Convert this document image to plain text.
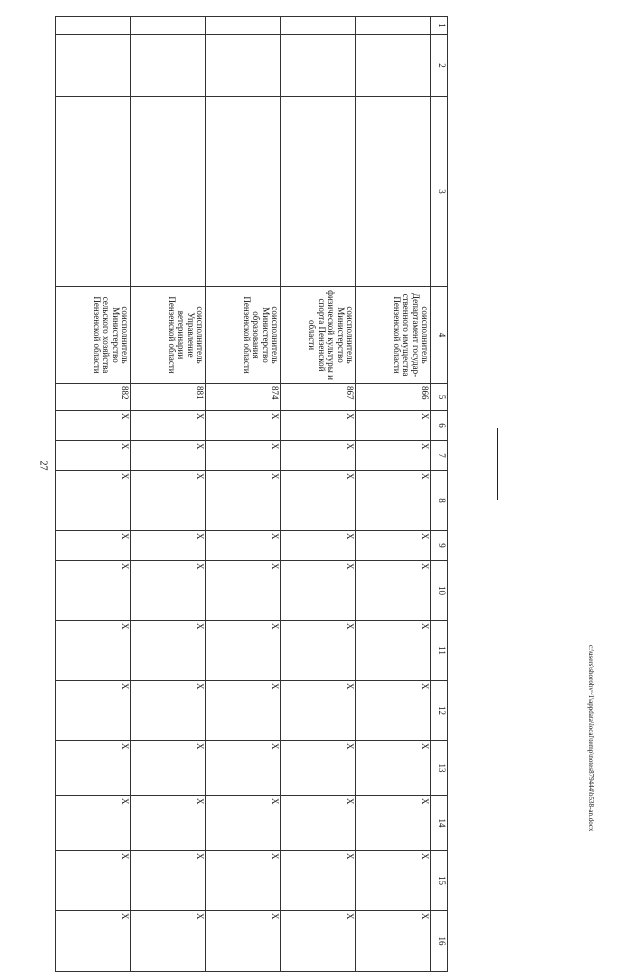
27
1	2	3	4	5	6	7	8	9	10	11	12	13	14	15	16
			соисполнитель Департамент государ-ственного имущества Пензенской области	866	Х	Х	Х	Х	Х	Х	Х	Х	Х	Х	Х
			соисполнитель Министерство физической культуры и спорта Пензенской области	867	Х	Х	Х	Х	Х	Х	Х	Х	Х	Х	Х
			соисполнитель Министерство образования Пензенской области	874	Х	Х	Х	Х	Х	Х	Х	Х	Х	Х	Х
			соисполнитель Управление ветеринарии Пензенской области	881	Х	Х	Х	Х	Х	Х	Х	Х	Х	Х	Х
			соисполнитель Министерство сельского хозяйства Пензенской области	882	Х	Х	Х	Х	Х	Х	Х	Х	Х	Х	Х
c:\users\shorohv~1\appdata\local\temp\notes879444\b538-an.docx
